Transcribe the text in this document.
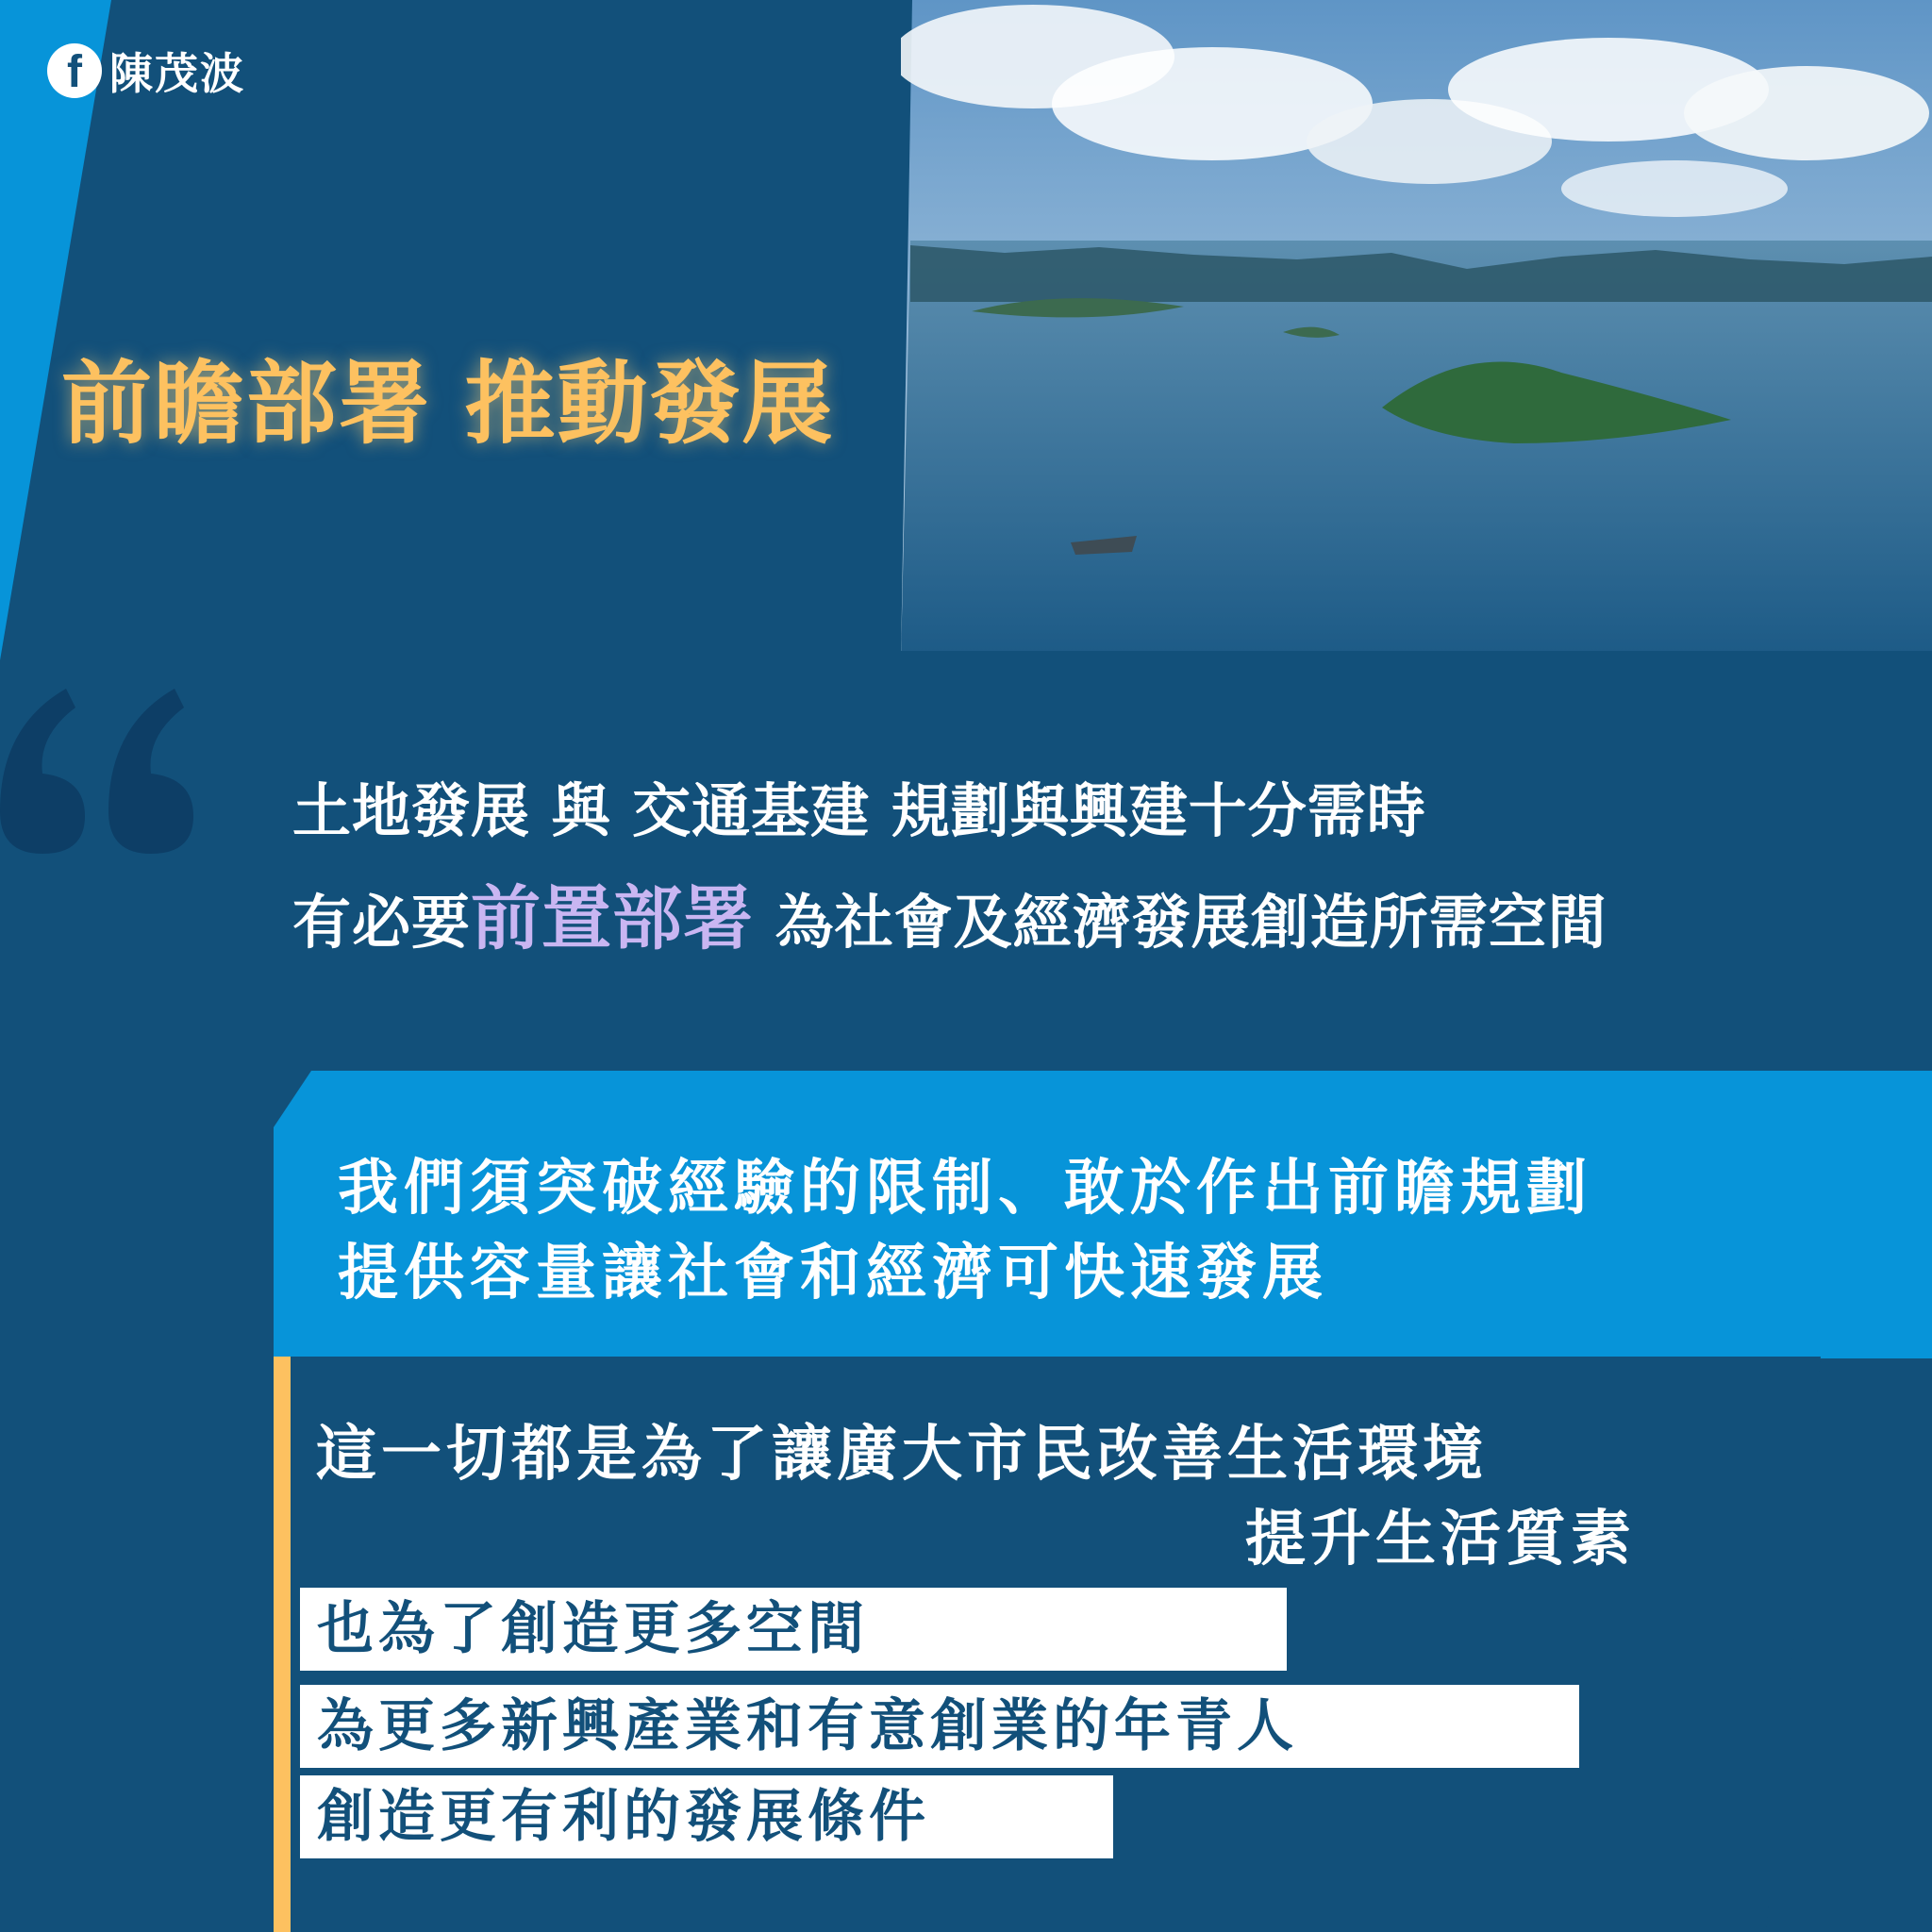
f 陳茂波
前瞻部署 推動發展
土地發展 與 交通基建 規劃與興建十分需時
有必要前置部署 為社會及經濟發展創造所需空間
我們須突破經驗的限制、敢於作出前瞻規劃
提供容量讓社會和經濟可快速發展
這一切都是為了讓廣大市民改善生活環境
提升生活質素
也為了創造更多空間
為更多新興產業和有意創業的年青人
創造更有利的發展條件
